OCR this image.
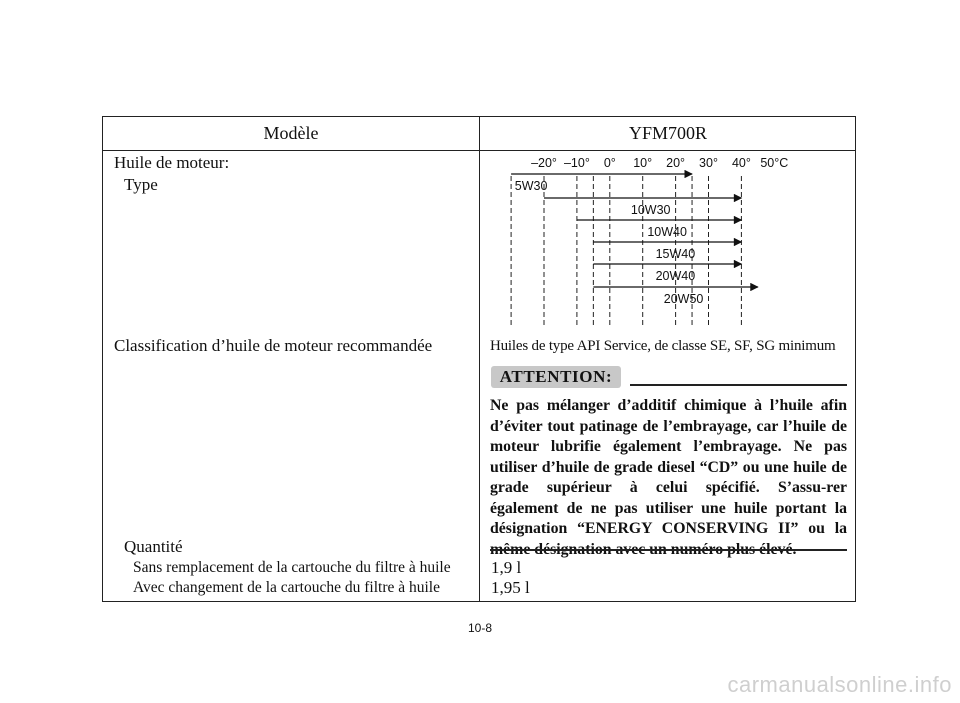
Modèle	YFM700R
Huile de moteur:
Type
Classification d’huile de moteur recommandée	Huiles de type API Service, de classe SE, SF, SG minimum
Quantité
Sans remplacement de la cartouche du filtre à huile 1,9 l
Avec changement de la cartouche du filtre à huile	1,95 l
–20° –10° 0° 10° 20° 30° 40° 50°C
5W30
10W30
10W40
15W40
20W40
20W50
ATTENTION:
Ne pas mélanger d’additif chimique à l’huile afin d’éviter tout patinage de l’embrayage, car l’huile de moteur lubrifie également l’embrayage. Ne pas utiliser d’huile de grade diesel “CD” ou une huile de grade supérieur à celui spécifié. S’assu-rer également de ne pas utiliser une huile portant la désignation “ENERGY CONSERVING II” ou la même désignation avec un numéro plus élevé.
10-8
carmanualsonline.info
